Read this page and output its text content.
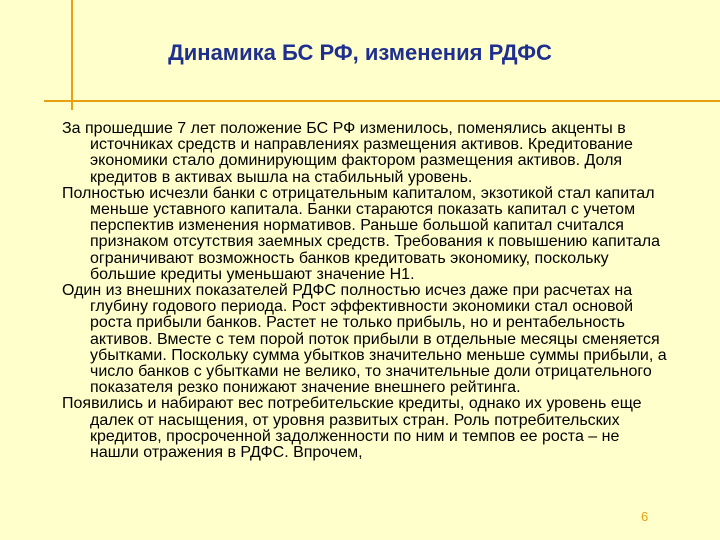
Динамика БС РФ, изменения РДФС

За прошедшие 7 лет положение БС РФ изменилось, поменялись акценты в источниках средств и направлениях размещения активов. Кредитование экономики стало доминирующим фактором размещения активов. Доля кредитов в активах вышла на стабильный уровень.

Полностью исчезли банки с отрицательным капиталом, экзотикой стал капитал меньше уставного капитала. Банки стараются показать капитал с учетом перспектив изменения нормативов. Раньше большой капитал считался признаком отсутствия заемных средств. Требования к повышению капитала ограничивают возможность банков кредитовать экономику, поскольку большие кредиты уменьшают значение Н1.

Один из внешних показателей РДФС полностью исчез даже при расчетах на глубину годового периода. Рост эффективности экономики стал основой роста прибыли банков. Растет не только прибыль, но и рентабельность активов. Вместе с тем порой поток прибыли в отдельные месяцы сменяется убытками. Поскольку сумма убытков значительно меньше суммы прибыли, а число банков с убытками не велико, то значительные доли отрицательного показателя резко понижают значение внешнего рейтинга.

Появились и набирают вес потребительские кредиты, однако их уровень еще далек от насыщения, от уровня развитых стран. Роль потребительских кредитов, просроченной задолженности по ним и темпов ее роста – не нашли отражения в РДФС. Впрочем,

6
